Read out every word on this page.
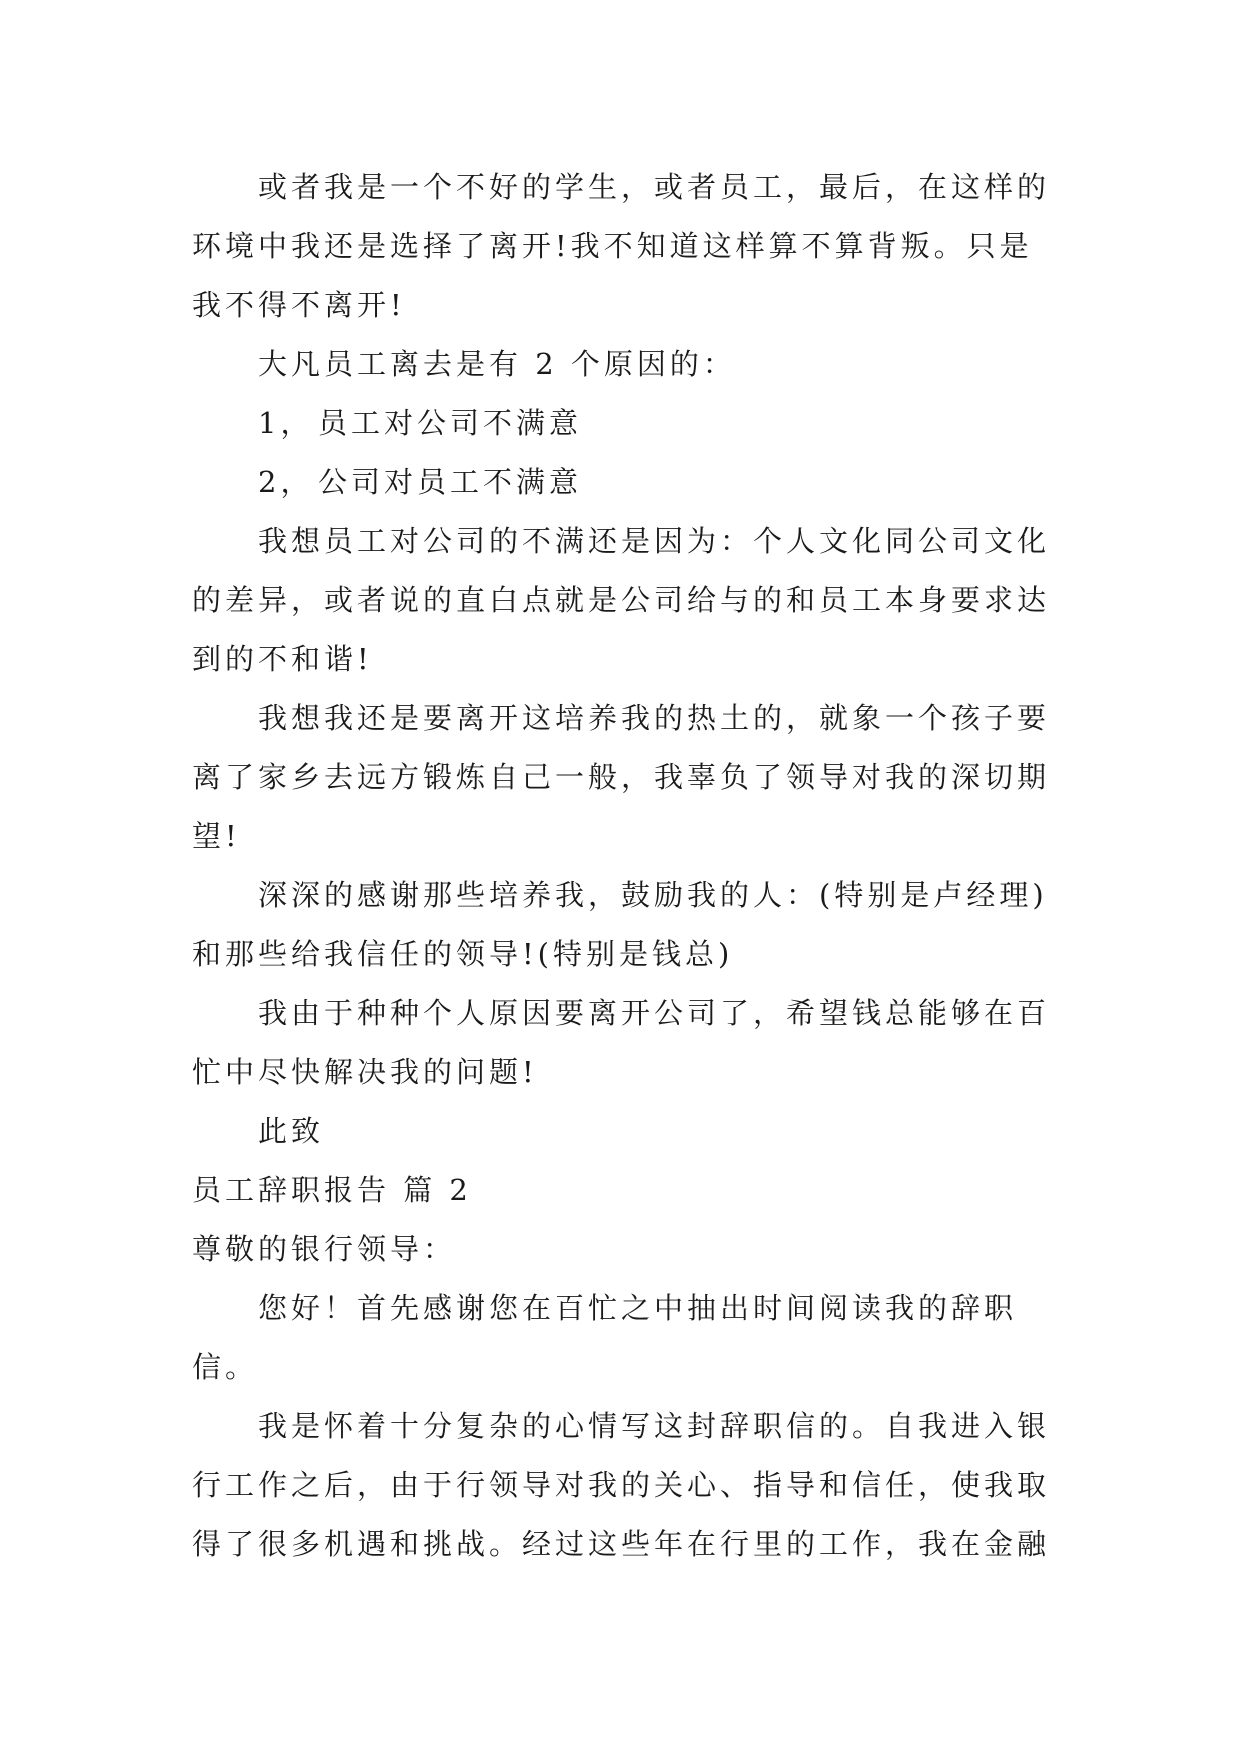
或者我是一个不好的学生，或者员工，最后，在这样的
环境中我还是选择了离开!我不知道这样算不算背叛。只是
我不得不离开!
大凡员工离去是有 2 个原因的：
1， 员工对公司不满意
2， 公司对员工不满意
我想员工对公司的不满还是因为：个人文化同公司文化
的差异，或者说的直白点就是公司给与的和员工本身要求达
到的不和谐!
我想我还是要离开这培养我的热土的，就象一个孩子要
离了家乡去远方锻炼自己一般，我辜负了领导对我的深切期
望!
深深的感谢那些培养我，鼓励我的人：(特别是卢经理)
和那些给我信任的领导!(特别是钱总)
我由于种种个人原因要离开公司了，希望钱总能够在百
忙中尽快解决我的问题!
此致
员工辞职报告 篇 2
尊敬的银行领导：
您好！首先感谢您在百忙之中抽出时间阅读我的辞职
信。
我是怀着十分复杂的心情写这封辞职信的。自我进入银
行工作之后，由于行领导对我的关心、指导和信任，使我取
得了很多机遇和挑战。经过这些年在行里的工作，我在金融
